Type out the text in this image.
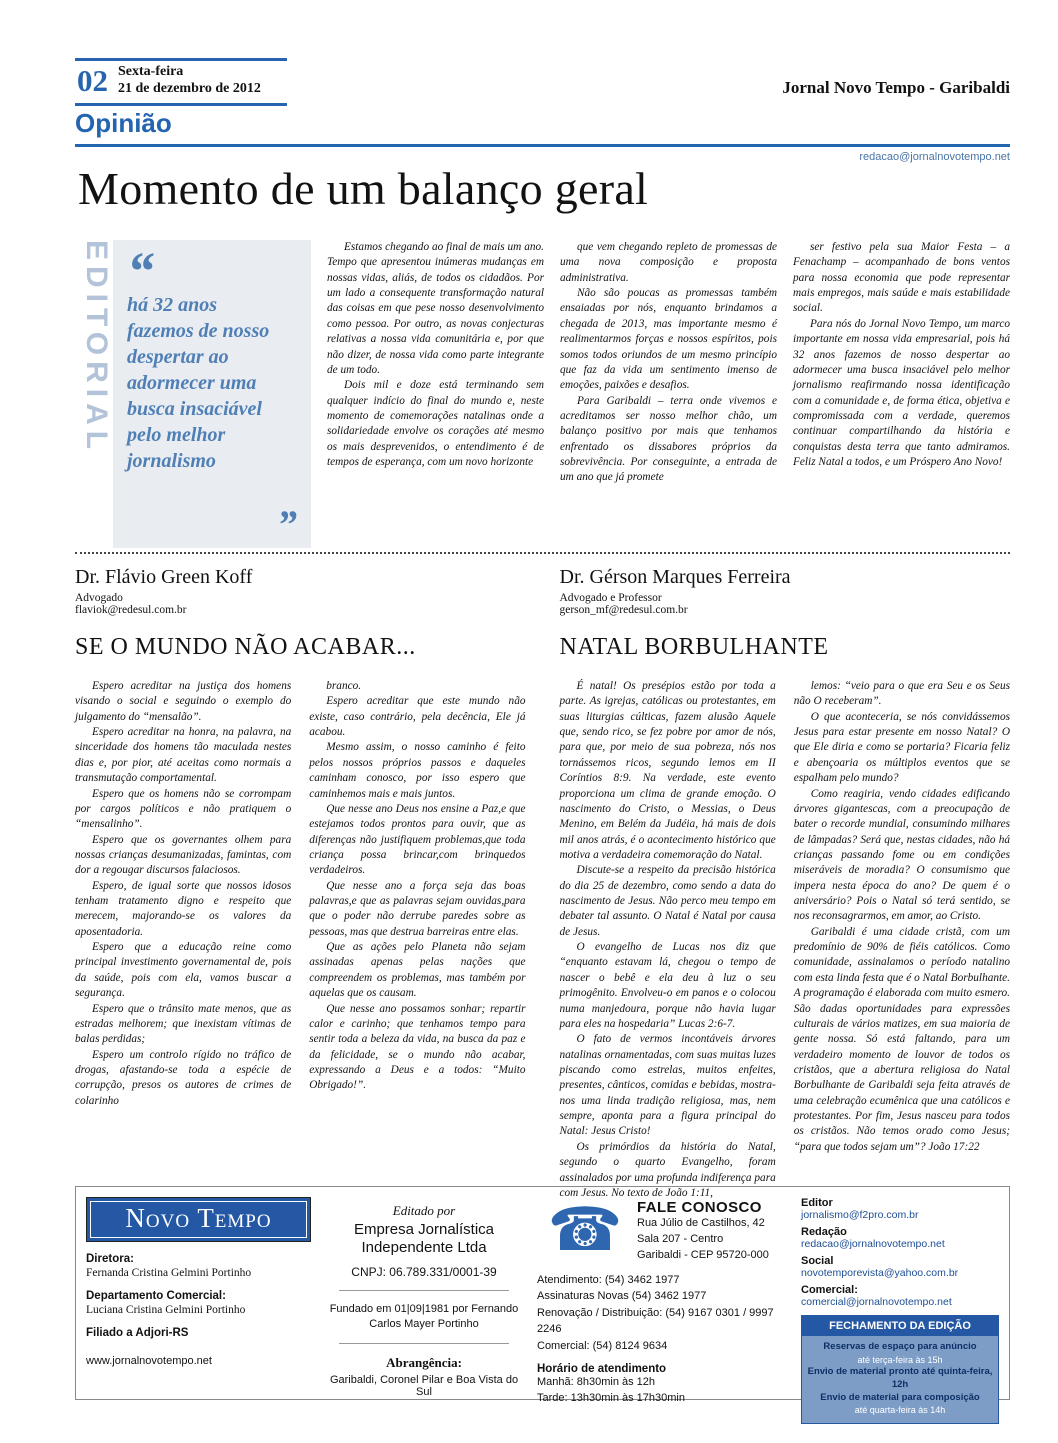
02 Sexta-feira
21 de dezembro de 2012	Jornal Novo Tempo - Garibaldi
Opinião
redacao@jornalnovotempo.net
Momento de um balanço geral
EDITORIAL “
há 32 anos fazemos de nosso despertar ao adormecer uma busca insaciável pelo melhor jornalismo
”

Estamos chegando ao final de mais um ano. Tempo que apresentou inúmeras mudanças em nossas vidas, aliás, de todos os cidadãos. Por um lado a consequente transformação natural das coisas em que pese nosso desenvolvimento como pessoa. Por outro, as novas conjecturas relativas a nossa vida comunitária e, por que não dizer, de nossa vida como parte integrante de um todo.

Dois mil e doze está terminando sem qualquer indício do final do mundo e, neste momento de comemorações natalinas onde a solidariedade envolve os corações até mesmo os mais desprevenidos, o entendimento é de tempos de esperança, com um novo horizonte

que vem chegando repleto de promessas de uma nova composição e proposta administrativa.

Não são poucas as promessas também ensaiadas por nós, enquanto brindamos a chegada de 2013, mas importante mesmo é realimentarmos forças e nossos espíritos, pois somos todos oriundos de um mesmo princípio que faz da vida um sentimento imenso de emoções, paixões e desafios.

Para Garibaldi – terra onde vivemos e acreditamos ser nosso melhor chão, um balanço positivo por mais que tenhamos enfrentado os dissabores próprios da sobrevivência. Por conseguinte, a entrada de um ano que já promete

ser festivo pela sua Maior Festa – a Fenachamp – acompanhado de bons ventos para nossa economia que pode representar mais empregos, mais saúde e mais estabilidade social.

Para nós do Jornal Novo Tempo, um marco importante em nossa vida empresarial, pois há 32 anos fazemos de nosso despertar ao adormecer uma busca insaciável pelo melhor jornalismo reafirmando nossa identificação com a comunidade e, de forma ética, objetiva e compromissada com a verdade, queremos continuar compartilhando da história e conquistas desta terra que tanto admiramos. Feliz Natal a todos, e um Próspero Ano Novo!

Dr. Flávio Green Koff
Advogado
flaviok@redesul.com.br
SE O MUNDO NÃO ACABAR...

Espero acreditar na justiça dos homens visando o social e seguindo o exemplo do julgamento do “mensalão”.

Espero acreditar na honra, na palavra, na sinceridade dos homens tão maculada nestes dias e, por pior, até aceitas como normais a transmutação comportamental.

Espero que os homens não se corrompam por cargos políticos e não pratiquem o “mensalinho”.

Espero que os governantes olhem para nossas crianças desumanizadas, famintas, com dor a regougar discursos falaciosos.

Espero, de igual sorte que nossos idosos tenham tratamento digno e respeito que merecem, majorando-se os valores da aposentadoria.

Espero que a educação reine como principal investimento governamental de, pois da saúde, pois com ela, vamos buscar a segurança.

Espero que o trânsito mate menos, que as estradas melhorem; que inexistam vítimas de balas perdidas;

Espero um controlo rígido no tráfico de drogas, afastando-se toda a espécie de corrupção, presos os autores de crimes de colarinho

branco.

Espero acreditar que este mundo não existe, caso contrário, pela decência, Ele já acabou.

Mesmo assim, o nosso caminho é feito pelos nossos próprios passos e daqueles caminham conosco, por isso espero que caminhemos mais e mais juntos.

Que nesse ano Deus nos ensine a Paz,e que estejamos todos prontos para ouvir, que as diferenças não justifiquem problemas,que toda criança possa brincar,com brinquedos verdadeiros.

Que nesse ano a força seja das boas palavras,e que as palavras sejam ouvidas,para que o poder não derrube paredes sobre as pessoas, mas que destrua barreiras entre elas.

Que as ações pelo Planeta não sejam assinadas apenas pelas nações que compreendem os problemas, mas também por aquelas que os causam.

Que nesse ano possamos sonhar; repartir calor e carinho; que tenhamos tempo para sentir toda a beleza da vida, na busca da paz e da felicidade, se o mundo não acabar, expressando a Deus e a todos: “Muito Obrigado!”.

Dr. Gérson Marques Ferreira
Advogado e Professor
gerson_mf@redesul.com.br
NATAL BORBULHANTE

É natal! Os presépios estão por toda a parte. As igrejas, católicas ou protestantes, em suas liturgias cúlticas, fazem alusão Aquele que, sendo rico, se fez pobre por amor de nós, para que, por meio de sua pobreza, nós nos tornássemos ricos, segundo lemos em II Coríntios 8:9. Na verdade, este evento proporciona um clima de grande emoção. O nascimento do Cristo, o Messias, o Deus Menino, em Belém da Judéia, há mais de dois mil anos atrás, é o acontecimento histórico que motiva a verdadeira comemoração do Natal.

Discute-se a respeito da precisão histórica do dia 25 de dezembro, como sendo a data do nascimento de Jesus. Não perco meu tempo em debater tal assunto. O Natal é Natal por causa de Jesus.

O evangelho de Lucas nos diz que “enquanto estavam lá, chegou o tempo de nascer o bebê e ela deu à luz o seu primogênito. Envolveu-o em panos e o colocou numa manjedoura, porque não havia lugar para eles na hospedaria” Lucas 2:6-7.

O fato de vermos incontáveis árvores natalinas ornamentadas, com suas muitas luzes piscando como estrelas, muitos enfeites, presentes, cânticos, comidas e bebidas, mostra-nos uma linda tradição religiosa, mas, nem sempre, aponta para a figura principal do Natal: Jesus Cristo!

Os primórdios da história do Natal, segundo o quarto Evangelho, foram assinalados por uma profunda indiferença para com Jesus. No texto de João 1:11,

lemos: “veio para o que era Seu e os Seus não O receberam”.

O que aconteceria, se nós convidássemos Jesus para estar presente em nosso Natal? O que Ele diria e como se portaria? Ficaria feliz e abençoaria os múltiplos eventos que se espalham pelo mundo?

Como reagiria, vendo cidades edificando árvores gigantescas, com a preocupação de bater o recorde mundial, consumindo milhares de lâmpadas? Será que, nestas cidades, não há crianças passando fome ou em condições miseráveis de moradia? O consumismo que impera nesta época do ano? De quem é o aniversário? Pois o Natal só terá sentido, se nos reconsagrarmos, em amor, ao Cristo.

Garibaldi é uma cidade cristã, com um predomínio de 90% de fiéis católicos. Como comunidade, assinalamos o período natalino com esta linda festa que é o Natal Borbulhante. A programação é elaborada com muito esmero. São dadas oportunidades para expressões culturais de vários matizes, em sua maioria de gente nossa. Só está faltando, para um verdadeiro momento de louvor de todos os cristãos, que a abertura religiosa do Natal Borbulhante de Garibaldi seja feita através de uma celebração ecumênica que una católicos e protestantes. Por fim, Jesus nasceu para todos os cristãos. Não temos orado como Jesus; “para que todos sejam um”? João 17:22

Novo Tempo
Diretora:
Fernanda Cristina Gelmini Portinho
Departamento Comercial:
Luciana Cristina Gelmini Portinho
Filiado a Adjori-RS
www.jornalnovotempo.net
Editado por
Empresa Jornalística Independente Ltda
CNPJ: 06.789.331/0001-39
Fundado em 01|09|1981 por Fernando Carlos Mayer Portinho
Abrangência:
Garibaldi, Coronel Pilar e Boa Vista do Sul
☎ FALE CONOSCO
Rua Júlio de Castilhos, 42
Sala 207 - Centro
Garibaldi - CEP 95720-000
Atendimento: (54) 3462 1977
Assinaturas Novas (54) 3462 1977
Renovação / Distribuição: (54) 9167 0301 / 9997 2246
Comercial: (54) 8124 9634
Horário de atendimento
Manhã: 8h30min às 12h
Tarde: 13h30min às 17h30min
Editor
jornalismo@f2pro.com.br
Redação
redacao@jornalnovotempo.net
Social
novotemporevista@yahoo.com.br
Comercial:
comercial@jornalnovotempo.net
FECHAMENTO DA EDIÇÃO
Reservas de espaço para anúncio
até terça-feira às 15h
Envio de material pronto até quinta-feira, 12h
Envio de material para composição
até quarta-feira às 14h
